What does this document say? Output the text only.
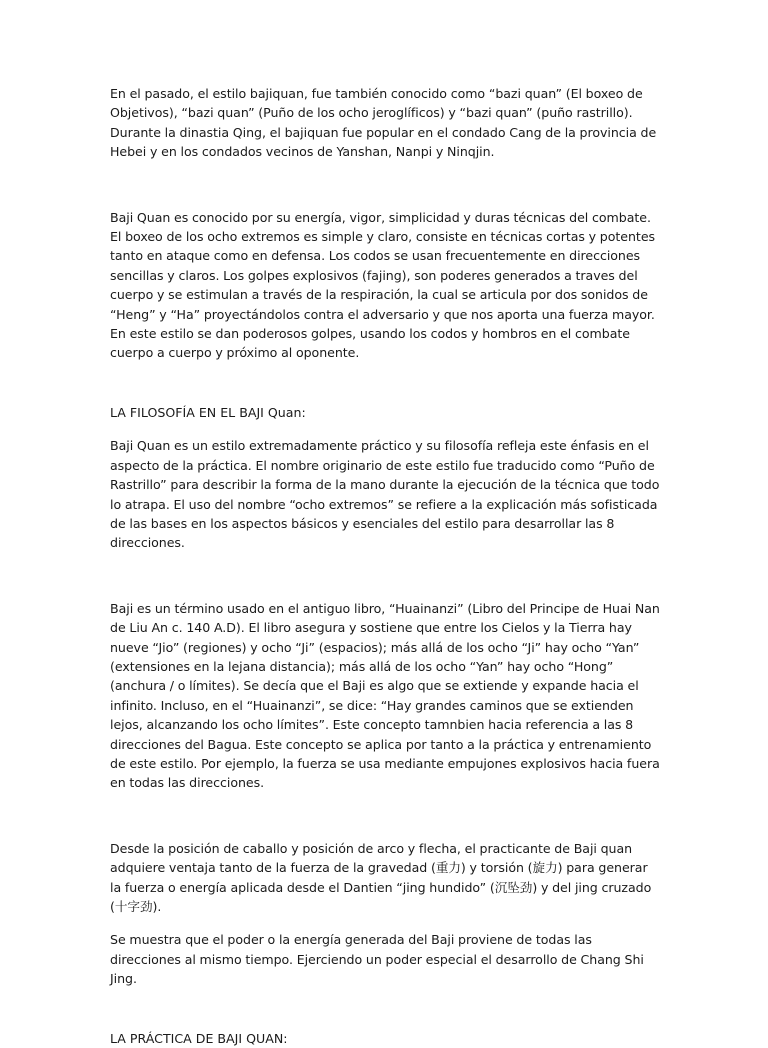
En el pasado, el estilo bajiquan, fue también conocido como “bazi quan” (El boxeo de Objetivos), “bazi quan” (Puño de los ocho jeroglíficos) y “bazi quan” (puño rastrillo). Durante la dinastia Qing, el bajiquan fue popular en el condado Cang de la provincia de Hebei y en los condados vecinos de Yanshan, Nanpi y Ninqjin.

Baji Quan es conocido por su energía, vigor, simplicidad y duras técnicas del combate. El boxeo de los ocho extremos es simple y claro, consiste en técnicas cortas y potentes tanto en ataque como en defensa. Los codos se usan frecuentemente en direcciones sencillas y claros. Los golpes explosivos (fajing), son poderes generados a traves del cuerpo y se estimulan a través de la respiración, la cual se articula por dos sonidos de “Heng” y “Ha” proyectándolos contra el adversario y que nos aporta una fuerza mayor. En este estilo se dan poderosos golpes, usando los codos y hombros en el combate cuerpo a cuerpo y próximo al oponente.

LA FILOSOFÍA EN EL BAJI Quan:

Baji Quan es un estilo extremadamente práctico y su filosofía refleja este énfasis en el aspecto de la práctica. El nombre originario de este estilo fue traducido como “Puño de Rastrillo” para describir la forma de la mano durante la ejecución de la técnica que todo lo atrapa. El uso del nombre “ocho extremos” se refiere a la explicación más sofisticada de las bases en los aspectos básicos y esenciales del estilo para desarrollar las 8 direcciones.

Baji es un término usado en el antiguo libro, “Huainanzi” (Libro del Principe de Huai Nan de Liu An c. 140 A.D). El libro asegura y sostiene que entre los Cielos y la Tierra hay nueve “Jio” (regiones) y ocho “Ji” (espacios); más allá de los ocho “Ji” hay ocho “Yan” (extensiones en la lejana distancia); más allá de los ocho “Yan” hay ocho “Hong” (anchura / o límites). Se decía que el Baji es algo que se extiende y expande hacia el infinito. Incluso, en el “Huainanzi”, se dice: “Hay grandes caminos que se extienden lejos, alcanzando los ocho límites”. Este concepto tamnbien hacia referencia a las 8 direcciones del Bagua. Este concepto se aplica por tanto a la práctica y entrenamiento de este estilo. Por ejemplo, la fuerza se usa mediante empujones explosivos hacia fuera en todas las direcciones.

Desde la posición de caballo y posición de arco y flecha, el practicante de Baji quan adquiere ventaja tanto de la fuerza de la gravedad (重力) y torsión (旋力) para generar la fuerza o energía aplicada desde el Dantien “jing hundido” (沉坠劲) y del jing cruzado (十字劲).

Se muestra que el poder o la energía generada del Baji proviene de todas las direcciones al mismo tiempo. Ejerciendo un poder especial el desarrollo de Chang Shi Jing.

LA PRÁCTICA DE BAJI QUAN:
